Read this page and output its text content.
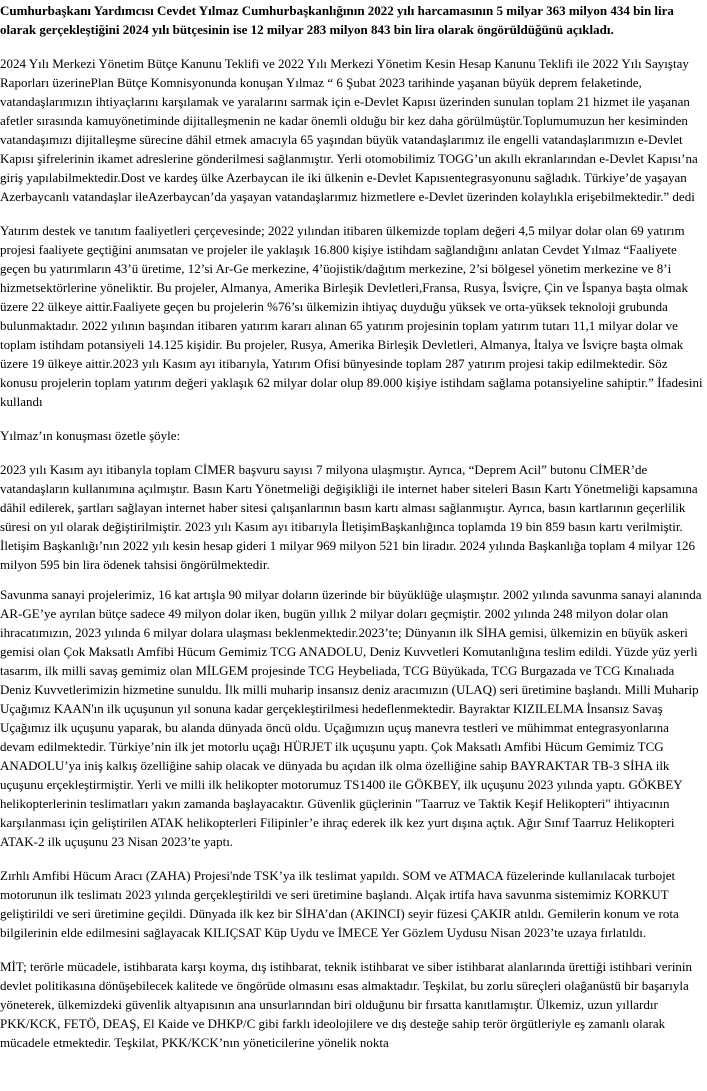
Cumhurbaşkanı Yardımcısı Cevdet Yılmaz Cumhurbaşkanlığının 2022 yılı harcamasının 5 milyar 363 milyon 434 bin lira olarak gerçekleştiğini 2024 yılı bütçesinin ise 12 milyar 283 milyon 843 bin lira olarak öngörüldüğünü açıkladı.

2024 Yılı Merkezi Yönetim Bütçe Kanunu Teklifi ve 2022 Yılı Merkezi Yönetim Kesin Hesap Kanunu Teklifi ile 2022 Yılı Sayıştay Raporları üzerinePlan Bütçe Komnisyonunda konuşan Yılmaz “ 6 Şubat 2023 tarihinde yaşanan büyük deprem felaketinde, vatandaşlarımızın ihtiyaçlarını karşılamak ve yaralarını sarmak için e-Devlet Kapısı üzerinden sunulan toplam 21 hizmet ile yaşanan afetler sırasında kamuyönetiminde dijitalleşmenin ne kadar önemli olduğu bir kez daha görülmüştür.Toplumumuzun her kesiminden vatandaşımızı dijitalleşme sürecine dâhil etmek amacıyla 65 yaşından büyük vatandaşlarımız ile engelli vatandaşlarımızın e-Devlet Kapısı şifrelerinin ikamet adreslerine gönderilmesi sağlanmıştır. Yerli otomobilimiz TOGG’un akıllı ekranlarından e-Devlet Kapısı’na giriş yapılabilmektedir.Dost ve kardeş ülke Azerbaycan ile iki ülkenin e-Devlet Kapısıentegrasyonunu sağladık. Türkiye’de yaşayan Azerbaycanlı vatandaşlar ileAzerbaycan’da yaşayan vatandaşlarımız hizmetlere e-Devlet üzerinden kolaylıkla erişebilmektedir.” dedi

Yatırım destek ve tanıtım faaliyetleri çerçevesinde; 2022 yılından itibaren ülkemizde toplam değeri 4,5 milyar dolar olan 69 yatırım projesi faaliyete geçtiğini anımsatan ve projeler ile yaklaşık 16.800 kişiye istihdam sağlandığını anlatan Cevdet Yılmaz “Faaliyete geçen bu yatırımların 43’ü üretime, 12’si Ar-Ge merkezine, 4’üojistik/dağıtım merkezine, 2’si bölgesel yönetim merkezine ve 8’i hizmetsektörlerine yöneliktir. Bu projeler, Almanya, Amerika Birleşik Devletleri,Fransa, Rusya, İsviçre, Çin ve İspanya başta olmak üzere 22 ülkeye aittir.Faaliyete geçen bu projelerin %76’sı ülkemizin ihtiyaç duyduğu yüksek ve orta-yüksek teknoloji grubunda bulunmaktadır. 2022 yılının başından itibaren yatırım kararı alınan 65 yatırım projesinin toplam yatırım tutarı 11,1 milyar dolar ve toplam istihdam potansiyeli 14.125 kişidir. Bu projeler, Rusya, Amerika Birleşik Devletleri, Almanya, İtalya ve İsviçre başta olmak üzere 19 ülkeye aittir.2023 yılı Kasım ayı itibarıyla, Yatırım Ofisi bünyesinde toplam 287 yatırım projesi takip edilmektedir. Söz konusu projelerin toplam yatırım değeri yaklaşık 62 milyar dolar olup 89.000 kişiye istihdam sağlama potansiyeline sahiptir.” İfadesini kullandı

Yılmaz’ın konuşması özetle şöyle:

2023 yılı Kasım ayı itibanyla toplam CİMER başvuru sayısı 7 milyona ulaşmıştır. Ayrıca, “Deprem Acil” butonu CİMER’de vatandaşların kullanımına açılmıştır. Basın Kartı Yönetmeliği değişikliği ile internet haber siteleri Basın Kartı Yönetmeliği kapsamına dâhil edilerek, şartları sağlayan internet haber sitesi çalışanlarının basın kartı alması sağlanmıştır. Ayrıca, basın kartlarının geçerlilik süresi on yıl olarak değiştirilmiştir. 2023 yılı Kasım ayı itibarıyla İletişimBaşkanlığınca toplamda 19 bin 859 basın kartı verilmiştir. İletişim Başkanlığı’nın 2022 yılı kesin hesap gideri 1 milyar 969 milyon 521 bin liradır. 2024 yılında Başkanlığa toplam 4 milyar 126 milyon 595 bin lira ödenek tahsisi öngörülmektedir.

Savunma sanayi projelerimiz, 16 kat artışla 90 milyar doların üzerinde bir büyüklüğe ulaşmıştır. 2002 yılında savunma sanayi alanında AR-GE’ye ayrılan bütçe sadece 49 milyon dolar iken, bugün yıllık 2 milyar doları geçmiştir. 2002 yılında 248 milyon dolar olan ihracatımızın, 2023 yılında 6 milyar dolara ulaşması beklenmektedir.2023’te; Dünyanın ilk SİHA gemisi, ülkemizin en büyük askeri gemisi olan Çok Maksatlı Amfibi Hücum Gemimiz TCG ANADOLU, Deniz Kuvvetleri Komutanlığına teslim edildi. Yüzde yüz yerli tasarım, ilk milli savaş gemimiz olan MİLGEM projesinde TCG Heybeliada, TCG Büyükada, TCG Burgazada ve TCG Kınalıada Deniz Kuvvetlerimizin hizmetine sunuldu. İlk milli muharip insansız deniz aracımızın (ULAQ) seri üretimine başlandı. Milli Muharip Uçağımız KAAN'ın ilk uçuşunun yıl sonuna kadar gerçekleştirilmesi hedeflenmektedir. Bayraktar KIZILELMA İnsansız Savaş Uçağımız ilk uçuşunu yaparak, bu alanda dünyada öncü oldu. Uçağımızın uçuş manevra testleri ve mühimmat entegrasyonlarına devam edilmektedir. Türkiye’nin ilk jet motorlu uçağı HÜRJET ilk uçuşunu yaptı. Çok Maksatlı Amfibi Hücum Gemimiz TCG ANADOLU’ya iniş kalkış özelliğine sahip olacak ve dünyada bu açıdan ilk olma özelliğine sahip BAYRAKTAR TB-3 SİHA ilk uçuşunu erçekleştirmiştir. Yerli ve milli ilk helikopter motorumuz TS1400 ile GÖKBEY, ilk uçuşunu 2023 yılında yaptı. GÖKBEY helikopterlerinin teslimatları yakın zamanda başlayacaktır. Güvenlik güçlerinin "Taarruz ve Taktik Keşif Helikopteri" ihtiyacının karşılanması için geliştirilen ATAK helikopterleri Filipinler’e ihraç ederek ilk kez yurt dışına açtık. Ağır Sınıf Taarruz Helikopteri ATAK-2 ilk uçuşunu 23 Nisan 2023’te yaptı.

Zırhlı Amfibi Hücum Aracı (ZAHA) Projesi'nde TSK’ya ilk teslimat yapıldı. SOM ve ATMACA füzelerinde kullanılacak turbojet motorunun ilk teslimatı 2023 yılında gerçekleştirildi ve seri üretimine başlandı. Alçak irtifa hava savunma sistemimiz KORKUT geliştirildi ve seri üretimine geçildi. Dünyada ilk kez bir SİHA’dan (AKINCI) seyir füzesi ÇAKIR atıldı. Gemilerin konum ve rota bilgilerinin elde edilmesini sağlayacak KILIÇSAT Küp Uydu ve İMECE Yer Gözlem Uydusu Nisan 2023’te uzaya fırlatıldı.

MİT; terörle mücadele, istihbarata karşı koyma, dış istihbarat, teknik istihbarat ve siber istihbarat alanlarında ürettiği istihbari verinin devlet politikasına dönüşebilecek kalitede ve öngörüde olmasını esas almaktadır. Teşkilat, bu zorlu süreçleri olağanüstü bir başarıyla yöneterek, ülkemizdeki güvenlik altyapısının ana unsurlarından biri olduğunu bir fırsatta kanıtlamıştır. Ülkemiz, uzun yıllardır PKK/KCK, FETÖ, DEAŞ, El Kaide ve DHKP/C gibi farklı ideolojilere ve dış desteğe sahip terör örgütleriyle eş zamanlı olarak mücadele etmektedir. Teşkilat, PKK/KCK’nın yöneticilerine yönelik nokta
